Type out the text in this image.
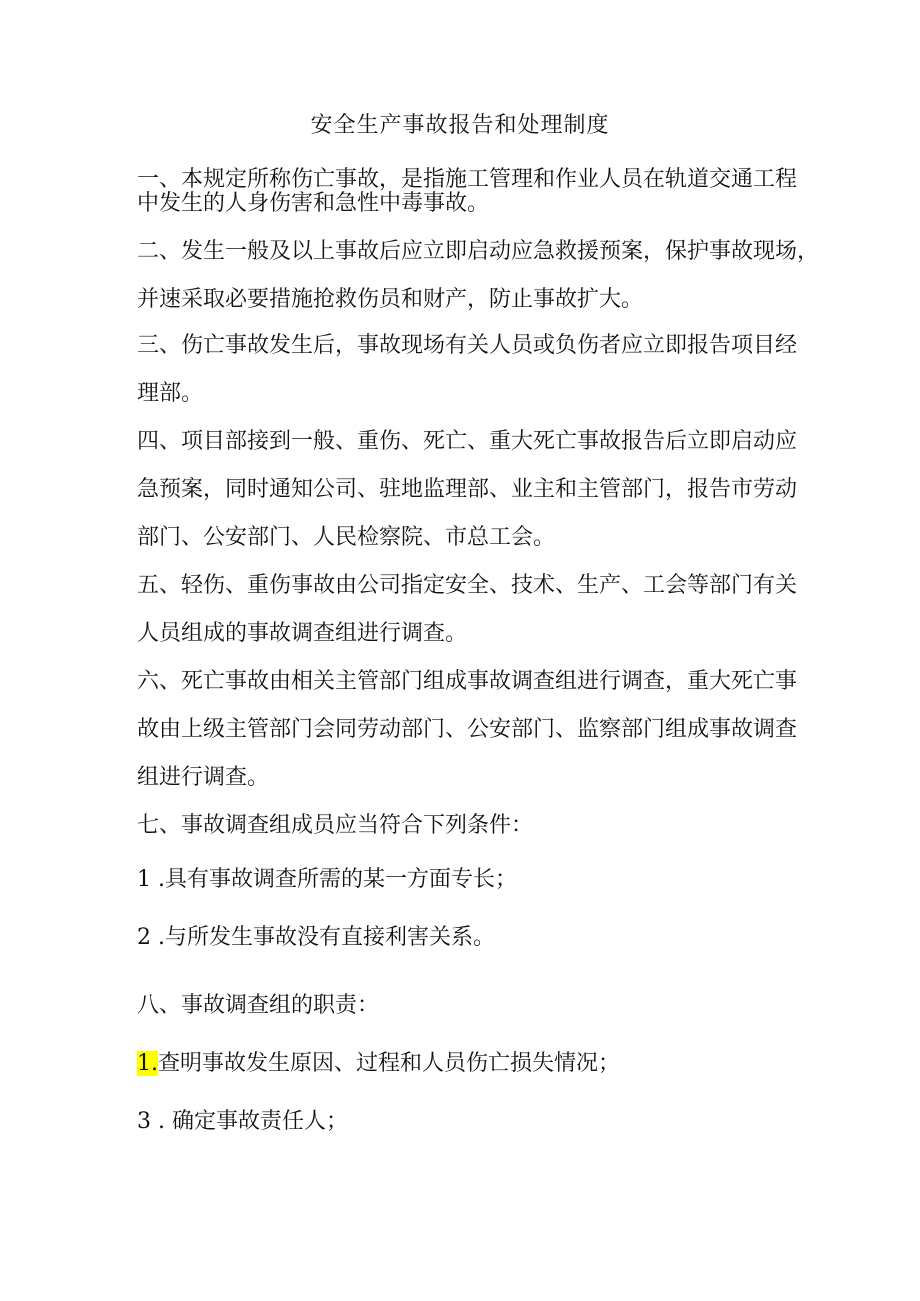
安全生产事故报告和处理制度
一、本规定所称伤亡事故，是指施工管理和作业人员在轨道交通工程
中发生的人身伤害和急性中毒事故。
二、发生一般及以上事故后应立即启动应急救援预案，保护事故现场，
并速采取必要措施抢救伤员和财产，防止事故扩大。
三、伤亡事故发生后，事故现场有关人员或负伤者应立即报告项目经
理部。
四、项目部接到一般、重伤、死亡、重大死亡事故报告后立即启动应
急预案，同时通知公司、驻地监理部、业主和主管部门，报告市劳动
部门、公安部门、人民检察院、市总工会。
五、轻伤、重伤事故由公司指定安全、技术、生产、工会等部门有关
人员组成的事故调查组进行调查。
六、死亡事故由相关主管部门组成事故调查组进行调查，重大死亡事
故由上级主管部门会同劳动部门、公安部门、监察部门组成事故调查
组进行调查。
七、事故调查组成员应当符合下列条件：
1 .具有事故调查所需的某一方面专长；
2 .与所发生事故没有直接利害关系。
八、事故调查组的职责：
1.查明事故发生原因、过程和人员伤亡损失情况；
3 . 确定事故责任人；
